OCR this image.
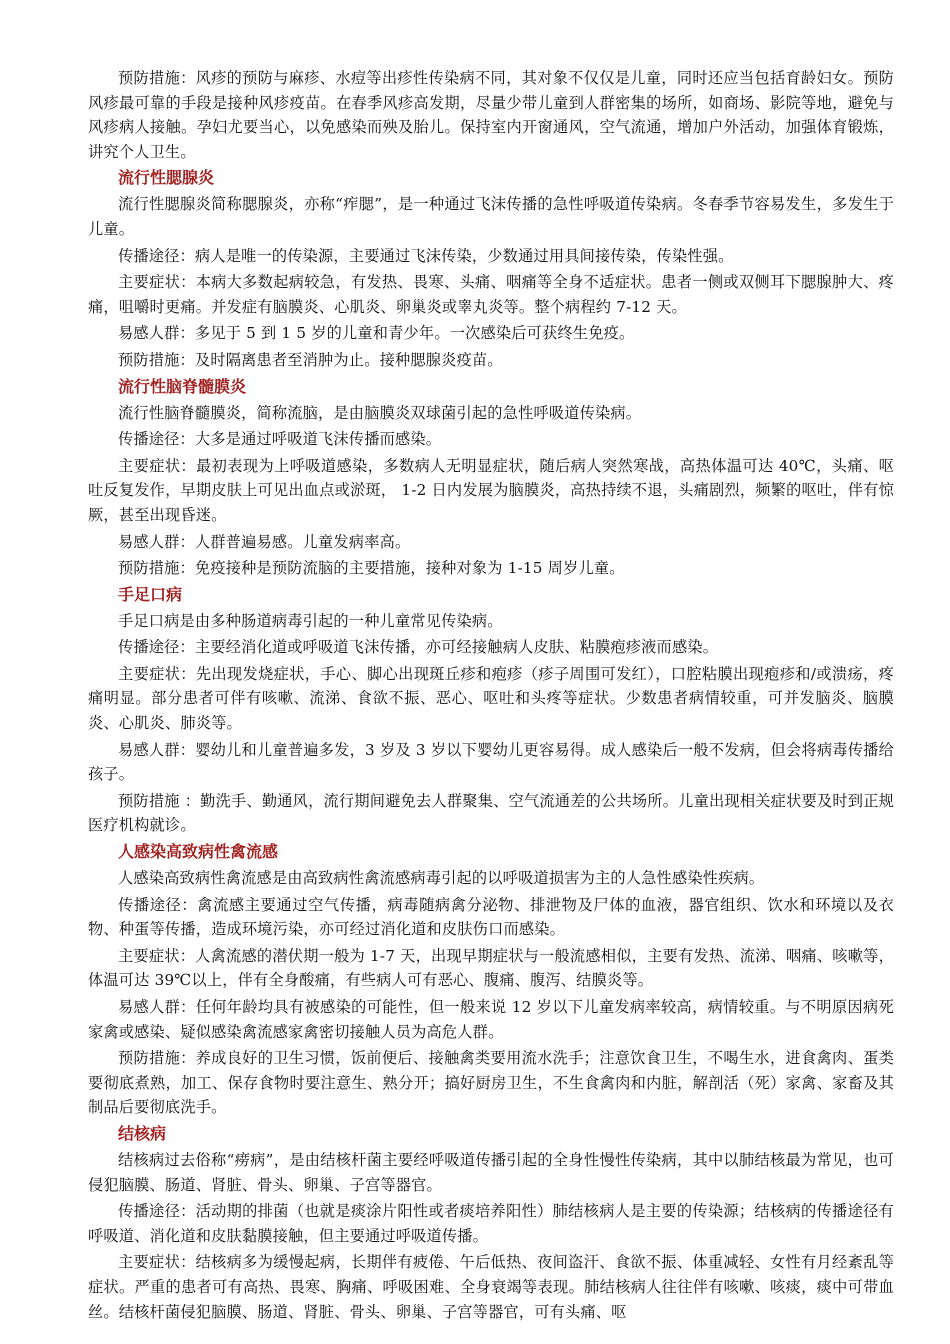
预防措施：风疹的预防与麻疹、水痘等出疹性传染病不同，其对象不仅仅是儿童，同时还应当包括育龄妇女。预防风疹最可靠的手段是接种风疹疫苗。在春季风疹高发期，尽量少带儿童到人群密集的场所，如商场、影院等地，避免与风疹病人接触。孕妇尤要当心，以免感染而殃及胎儿。保持室内开窗通风，空气流通，增加户外活动，加强体育锻炼，讲究个人卫生。

流行性腮腺炎

流行性腮腺炎简称腮腺炎，亦称“痄腮”，是一种通过飞沫传播的急性呼吸道传染病。冬春季节容易发生，多发生于儿童。

传播途径：病人是唯一的传染源，主要通过飞沫传染，少数通过用具间接传染，传染性强。

主要症状：本病大多数起病较急，有发热、畏寒、头痛、咽痛等全身不适症状。患者一侧或双侧耳下腮腺肿大、疼痛，咀嚼时更痛。并发症有脑膜炎、心肌炎、卵巢炎或睾丸炎等。整个病程约 7-12 天。

易感人群：多见于 5 到 1 5 岁的儿童和青少年。一次感染后可获终生免疫。

预防措施：及时隔离患者至消肿为止。接种腮腺炎疫苗。

流行性脑脊髓膜炎

流行性脑脊髓膜炎，简称流脑，是由脑膜炎双球菌引起的急性呼吸道传染病。

传播途径：大多是通过呼吸道飞沫传播而感染。

主要症状：最初表现为上呼吸道感染，多数病人无明显症状，随后病人突然寒战，高热体温可达 40℃，头痛、呕吐反复发作，早期皮肤上可见出血点或淤斑， 1-2 日内发展为脑膜炎，高热持续不退，头痛剧烈，频繁的呕吐，伴有惊厥，甚至出现昏迷。

易感人群：人群普遍易感。儿童发病率高。

预防措施：免疫接种是预防流脑的主要措施，接种对象为 1-15 周岁儿童。

手足口病

手足口病是由多种肠道病毒引起的一种儿童常见传染病。

传播途径：主要经消化道或呼吸道飞沫传播，亦可经接触病人皮肤、粘膜疱疹液而感染。

主要症状：先出现发烧症状，手心、脚心出现斑丘疹和疱疹（疹子周围可发红），口腔粘膜出现疱疹和/或溃疡，疼痛明显。部分患者可伴有咳嗽、流涕、食欲不振、恶心、呕吐和头疼等症状。少数患者病情较重，可并发脑炎、脑膜炎、心肌炎、肺炎等。

易感人群：婴幼儿和儿童普遍多发，3 岁及 3 岁以下婴幼儿更容易得。成人感染后一般不发病，但会将病毒传播给孩子。

预防措施 ：勤洗手、勤通风，流行期间避免去人群聚集、空气流通差的公共场所。儿童出现相关症状要及时到正规医疗机构就诊。

人感染高致病性禽流感

人感染高致病性禽流感是由高致病性禽流感病毒引起的以呼吸道损害为主的人急性感染性疾病。

传播途径：禽流感主要通过空气传播，病毒随病禽分泌物、排泄物及尸体的血液，器官组织、饮水和环境以及衣物、种蛋等传播，造成环境污染，亦可经过消化道和皮肤伤口而感染。

主要症状：人禽流感的潜伏期一般为 1-7 天，出现早期症状与一般流感相似，主要有发热、流涕、咽痛、咳嗽等，体温可达 39℃以上，伴有全身酸痛，有些病人可有恶心、腹痛、腹泻、结膜炎等。

易感人群：任何年龄均具有被感染的可能性，但一般来说 12 岁以下儿童发病率较高，病情较重。与不明原因病死家禽或感染、疑似感染禽流感家禽密切接触人员为高危人群。

预防措施：养成良好的卫生习惯，饭前便后、接触禽类要用流水洗手；注意饮食卫生，不喝生水，进食禽肉、蛋类要彻底煮熟，加工、保存食物时要注意生、熟分开；搞好厨房卫生，不生食禽肉和内脏，解剖活（死）家禽、家畜及其制品后要彻底洗手。

结核病

结核病过去俗称“痨病”，是由结核杆菌主要经呼吸道传播引起的全身性慢性传染病，其中以肺结核最为常见，也可侵犯脑膜、肠道、肾脏、骨头、卵巢、子宫等器官。

传播途径：活动期的排菌（也就是痰涂片阳性或者痰培养阳性）肺结核病人是主要的传染源；结核病的传播途径有呼吸道、消化道和皮肤黏膜接触，但主要通过呼吸道传播。

主要症状：结核病多为缓慢起病，长期伴有疲倦、午后低热、夜间盗汗、食欲不振、体重减轻、女性有月经紊乱等症状。严重的患者可有高热、畏寒、胸痛、呼吸困难、全身衰竭等表现。肺结核病人往往伴有咳嗽、咳痰，痰中可带血丝。结核杆菌侵犯脑膜、肠道、肾脏、骨头、卵巢、子宫等器官，可有头痛、呕
